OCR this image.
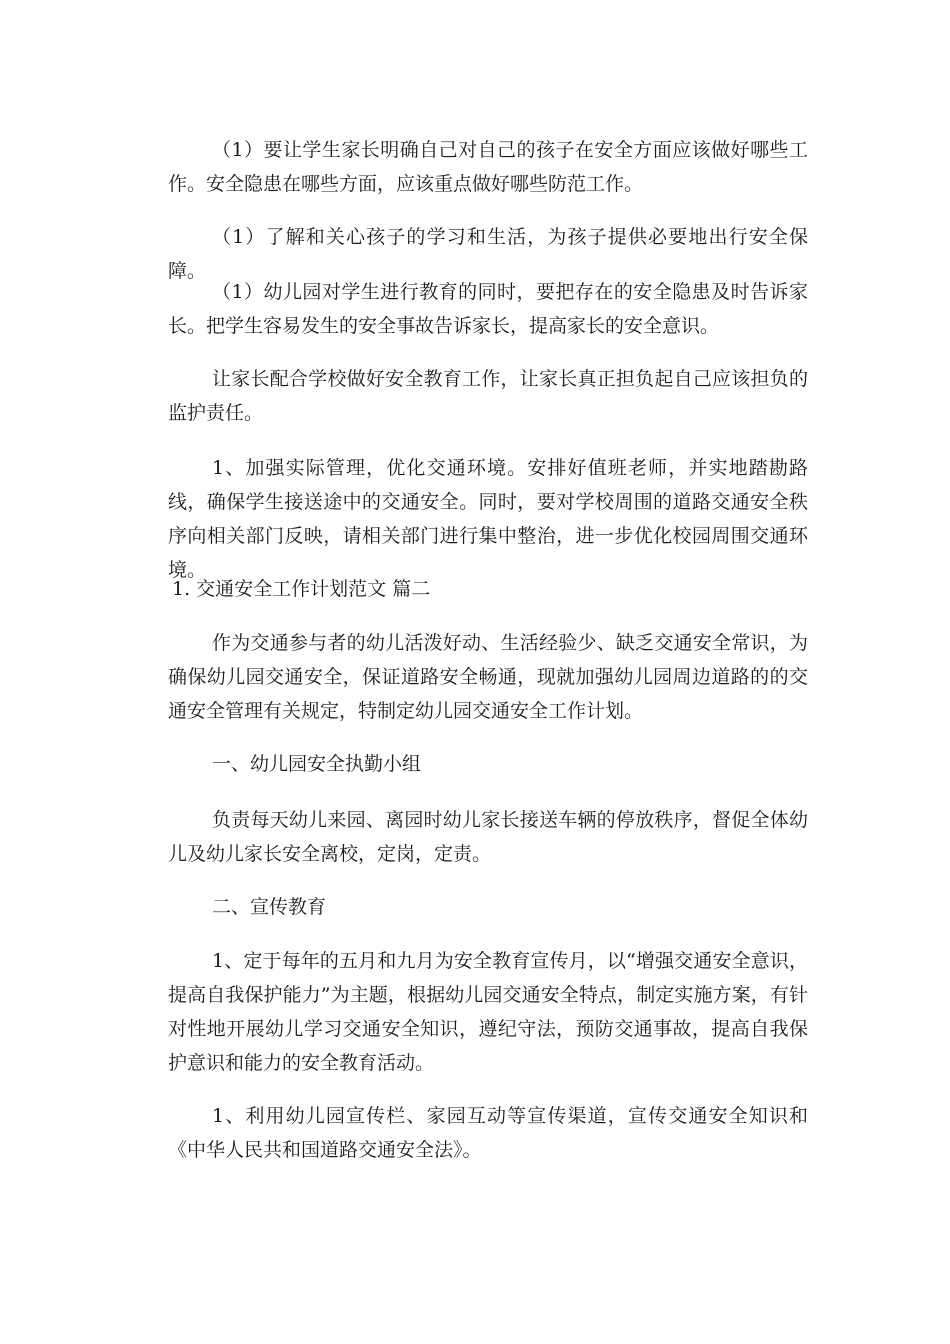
（1）要让学生家长明确自己对自己的孩子在安全方面应该做好哪些工作。安全隐患在哪些方面，应该重点做好哪些防范工作。

（1）了解和关心孩子的学习和生活，为孩子提供必要地出行安全保障。

（1）幼儿园对学生进行教育的同时，要把存在的安全隐患及时告诉家长。把学生容易发生的安全事故告诉家长，提高家长的安全意识。

让家长配合学校做好安全教育工作，让家长真正担负起自己应该担负的监护责任。

1、加强实际管理，优化交通环境。安排好值班老师，并实地踏勘路线，确保学生接送途中的交通安全。同时，要对学校周围的道路交通安全秩序向相关部门反映，请相关部门进行集中整治，进一步优化校园周围交通环境。

1. 交通安全工作计划范文 篇二

作为交通参与者的幼儿活泼好动、生活经验少、缺乏交通安全常识，为确保幼儿园交通安全，保证道路安全畅通，现就加强幼儿园周边道路的的交通安全管理有关规定，特制定幼儿园交通安全工作计划。

一、幼儿园安全执勤小组

负责每天幼儿来园、离园时幼儿家长接送车辆的停放秩序，督促全体幼儿及幼儿家长安全离校，定岗，定责。

二、宣传教育

1、定于每年的五月和九月为安全教育宣传月，以“增强交通安全意识，提高自我保护能力”为主题，根据幼儿园交通安全特点，制定实施方案，有针对性地开展幼儿学习交通安全知识，遵纪守法，预防交通事故，提高自我保护意识和能力的安全教育活动。

1、利用幼儿园宣传栏、家园互动等宣传渠道，宣传交通安全知识和《中华人民共和国道路交通安全法》。
